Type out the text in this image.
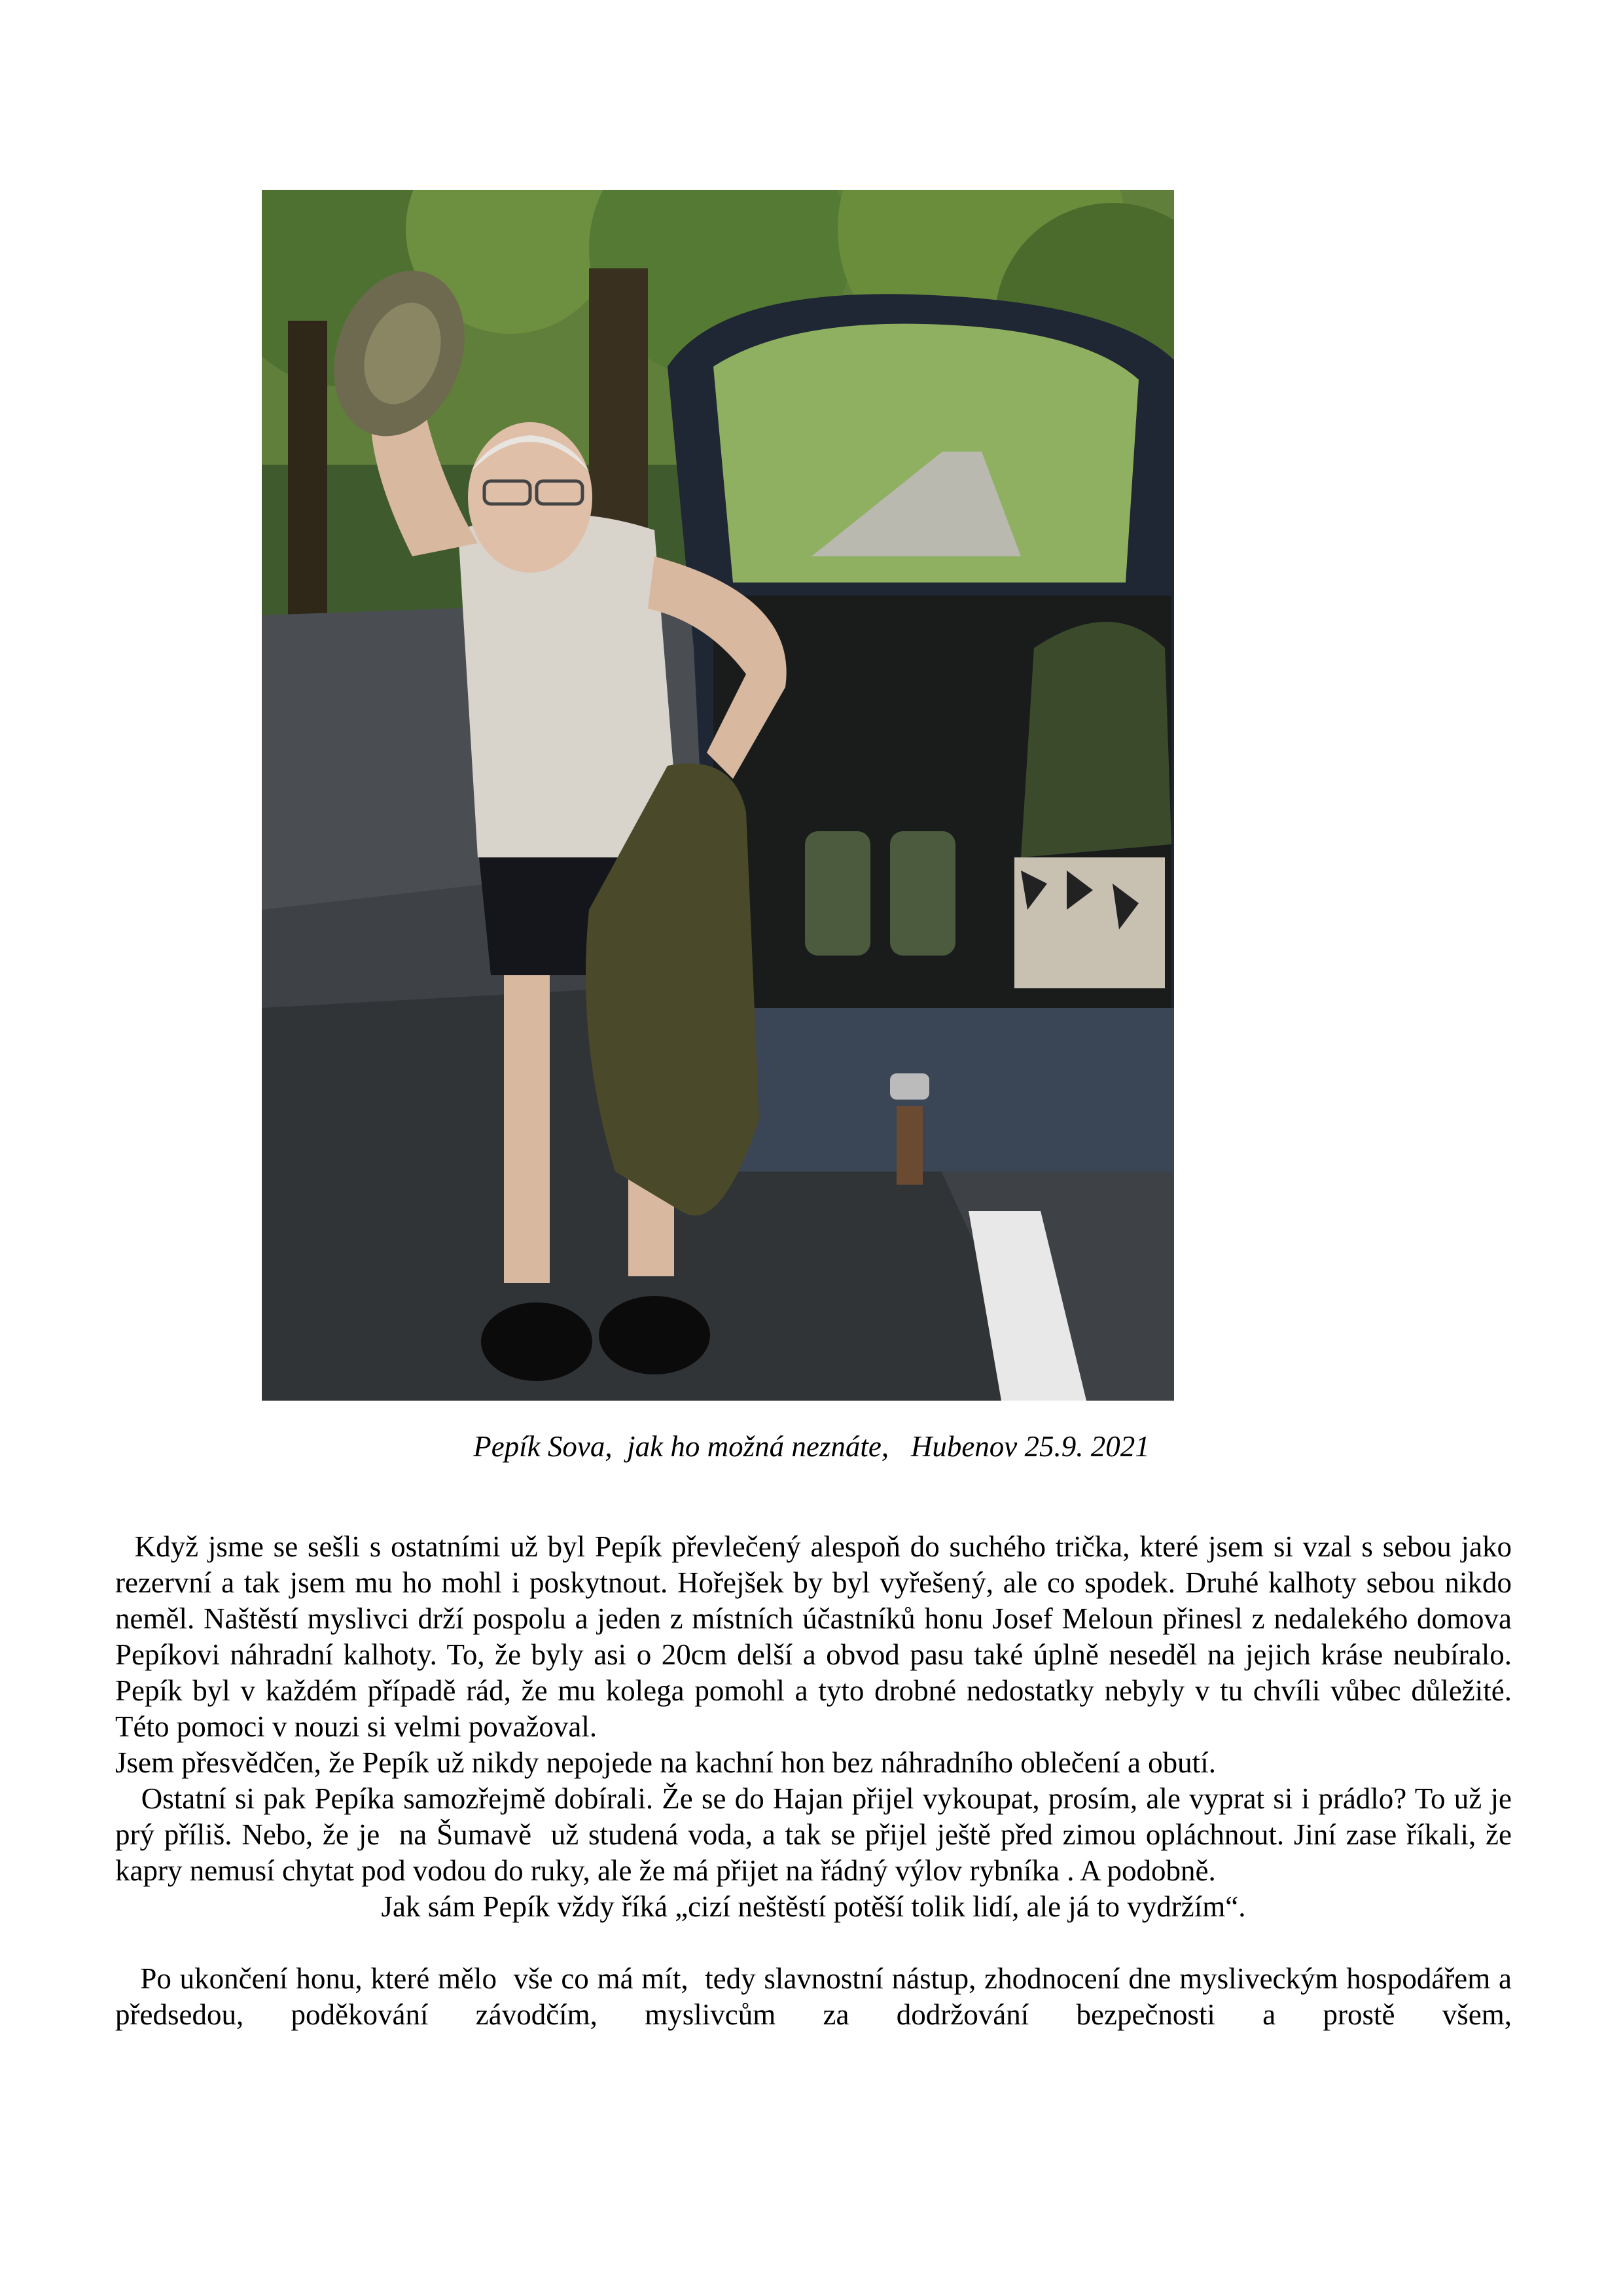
Pepík Sova,  jak ho možná neznáte,   Hubenov 25.9. 2021

Když jsme se sešli s ostatními už byl Pepík převlečený alespoň do suchého trička, které jsem si vzal s sebou jako rezervní a tak jsem mu ho mohl i poskytnout. Hořejšek by byl vyřešený, ale co spodek. Druhé kalhoty sebou nikdo neměl. Naštěstí myslivci drží pospolu a jeden z místních účastníků honu Josef Meloun přinesl z nedalekého domova Pepíkovi náhradní kalhoty. To, že byly asi o 20cm delší a obvod pasu také úplně neseděl na jejich kráse neubíralo. Pepík byl v každém případě rád, že mu kolega pomohl a tyto drobné nedostatky nebyly v tu chvíli vůbec důležité. Této pomoci v nouzi si velmi považoval.

Jsem přesvědčen, že Pepík už nikdy nepojede na kachní hon bez náhradního oblečení a obutí.

Ostatní si pak Pepíka samozřejmě dobírali. Že se do Hajan přijel vykoupat, prosím, ale vyprat si i prádlo? To už je prý příliš. Nebo, že je  na Šumavě  už studená voda, a tak se přijel ještě před zimou opláchnout. Jiní zase říkali, že kapry nemusí chytat pod vodou do ruky, ale že má přijet na řádný výlov rybníka . A podobně.

Jak sám Pepík vždy říká „cizí neštěstí potěší tolik lidí, ale já to vydržím“.

Po ukončení honu, které mělo  vše co má mít,  tedy slavnostní nástup, zhodnocení dne mysliveckým hospodářem a předsedou, poděkování závodčím, myslivcům za dodržování bezpečnosti a prostě všem,
